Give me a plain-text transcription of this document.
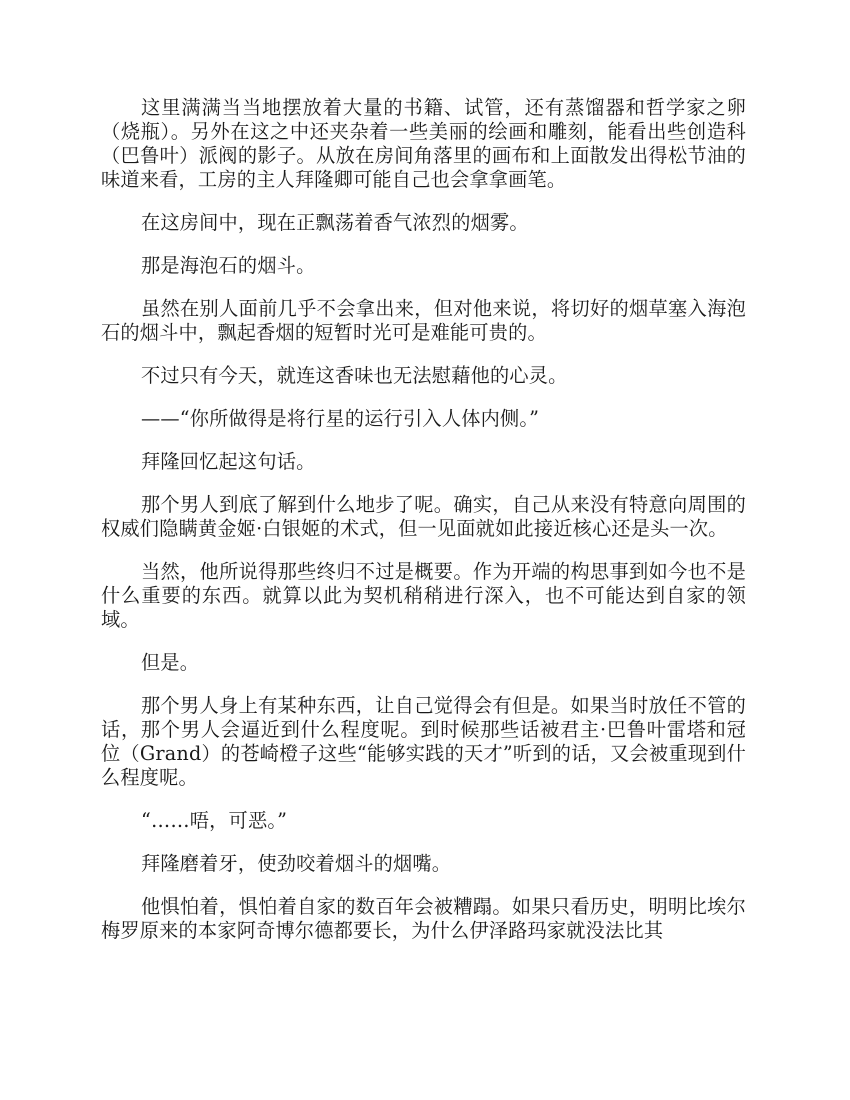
这里满满当当地摆放着大量的书籍、试管，还有蒸馏器和哲学家之卵（烧瓶）。另外在这之中还夹杂着一些美丽的绘画和雕刻，能看出些创造科（巴鲁叶）派阀的影子。从放在房间角落里的画布和上面散发出得松节油的味道来看，工房的主人拜隆卿可能自己也会拿拿画笔。

在这房间中，现在正飘荡着香气浓烈的烟雾。

那是海泡石的烟斗。

虽然在别人面前几乎不会拿出来，但对他来说，将切好的烟草塞入海泡石的烟斗中，飘起香烟的短暂时光可是难能可贵的。

不过只有今天，就连这香味也无法慰藉他的心灵。

——“你所做得是将行星的运行引入人体内侧。”

拜隆回忆起这句话。

那个男人到底了解到什么地步了呢。确实，自己从来没有特意向周围的权威们隐瞒黄金姬·白银姬的术式，但一见面就如此接近核心还是头一次。

当然，他所说得那些终归不过是概要。作为开端的构思事到如今也不是什么重要的东西。就算以此为契机稍稍进行深入，也不可能达到自家的领域。

但是。

那个男人身上有某种东西，让自己觉得会有但是。如果当时放任不管的话，那个男人会逼近到什么程度呢。到时候那些话被君主·巴鲁叶雷塔和冠位（Grand）的苍崎橙子这些“能够实践的天才”听到的话，又会被重现到什么程度呢。

“……唔，可恶。”

拜隆磨着牙，使劲咬着烟斗的烟嘴。

他惧怕着，惧怕着自家的数百年会被糟蹋。如果只看历史，明明比埃尔梅罗原来的本家阿奇博尔德都要长，为什么伊泽路玛家就没法比其
